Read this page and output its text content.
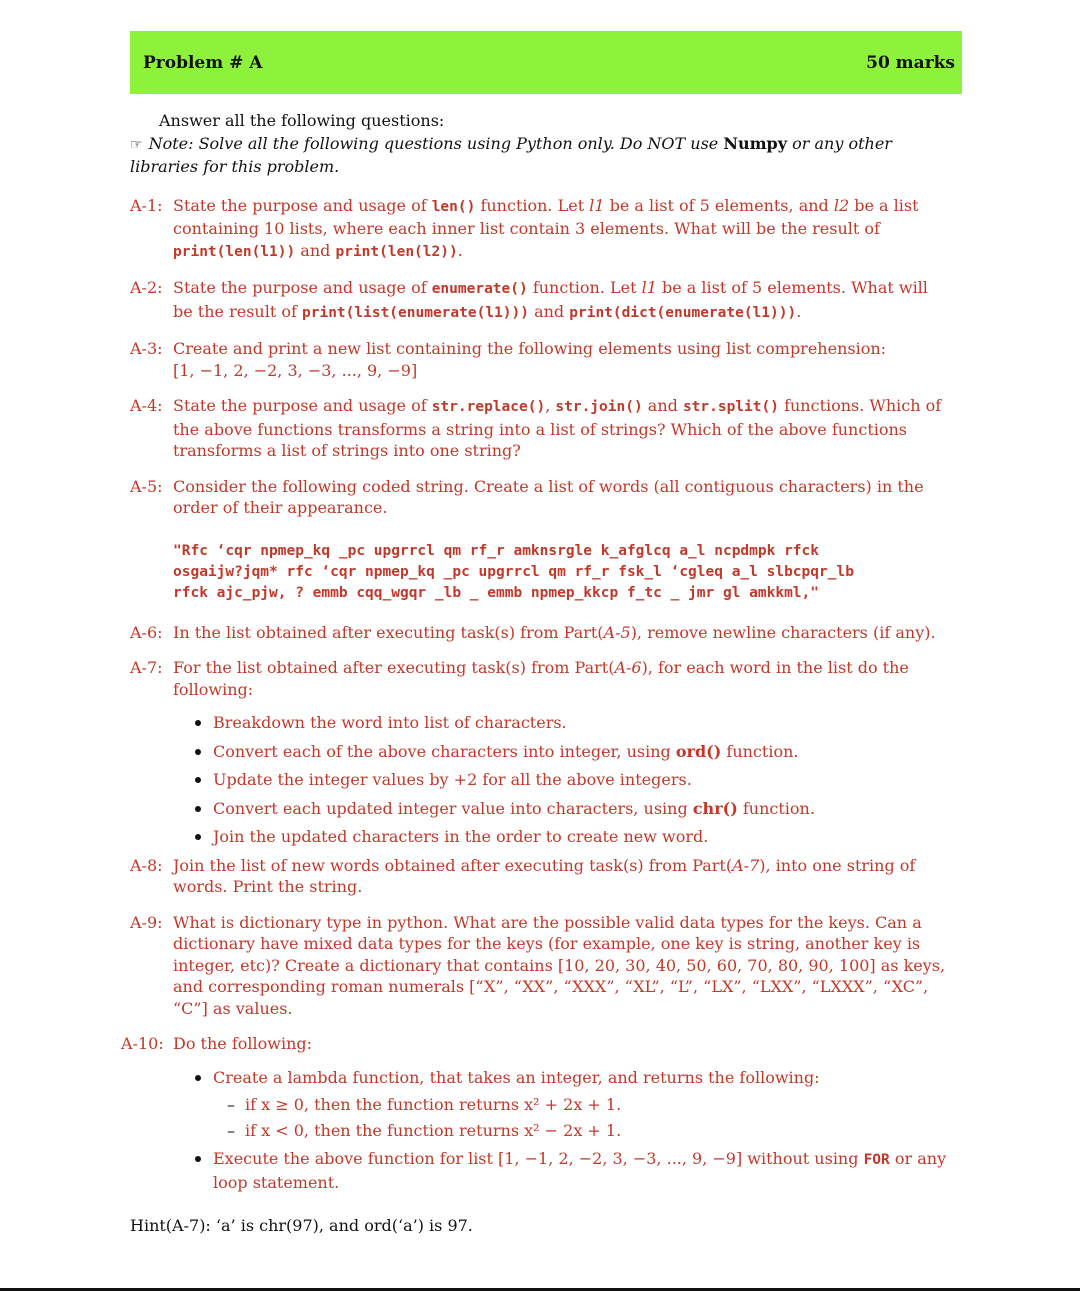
Problem # A	50 marks
Answer all the following questions:
☞ Note: Solve all the following questions using Python only. Do NOT use Numpy or any other libraries for this problem.
A-1: State the purpose and usage of len() function. Let l1 be a list of 5 elements, and l2 be a list containing 10 lists, where each inner list contain 3 elements. What will be the result of print(len(l1)) and print(len(l2)).
A-2: State the purpose and usage of enumerate() function. Let l1 be a list of 5 elements. What will be the result of print(list(enumerate(l1))) and print(dict(enumerate(l1))).
A-3: Create and print a new list containing the following elements using list comprehension:
[1, −1, 2, −2, 3, −3, ..., 9, −9]
A-4: State the purpose and usage of str.replace(), str.join() and str.split() functions. Which of the above functions transforms a string into a list of strings? Which of the above functions transforms a list of strings into one string?
A-5: Consider the following coded string. Create a list of words (all contiguous characters) in the order of their appearance.
"Rfc ‘cqr npmep_kq _pc upgrrcl qm rf_r amknsrgle k_afglcq a_l ncpdmpk rfck
osgaijw?jqm* rfc ‘cqr npmep_kq _pc upgrrcl qm rf_r fsk_l ‘cgleq a_l slbcpqr_lb
rfck ajc_pjw, ? emmb cqq_wgqr _lb _ emmb npmep_kkcp f_tc _ jmr gl amkkml,"
A-6: In the list obtained after executing task(s) from Part(A-5), remove newline characters (if any).
A-7: For the list obtained after executing task(s) from Part(A-6), for each word in the list do the following:
Breakdown the word into list of characters.
Convert each of the above characters into integer, using ord() function.
Update the integer values by +2 for all the above integers.
Convert each updated integer value into characters, using chr() function.
Join the updated characters in the order to create new word.
A-8: Join the list of new words obtained after executing task(s) from Part(A-7), into one string of words. Print the string.
A-9: What is dictionary type in python. What are the possible valid data types for the keys. Can a dictionary have mixed data types for the keys (for example, one key is string, another key is integer, etc)? Create a dictionary that contains [10, 20, 30, 40, 50, 60, 70, 80, 90, 100] as keys, and corresponding roman numerals [“X”, “XX”, “XXX”, “XL”, “L”, “LX”, “LXX”, “LXXX”, “XC”, “C”] as values.
A-10: Do the following:
Create a lambda function, that takes an integer, and returns the following:
– if x ≥ 0, then the function returns x² + 2x + 1.
– if x < 0, then the function returns x² − 2x + 1.
Execute the above function for list [1, −1, 2, −2, 3, −3, ..., 9, −9] without using FOR or any loop statement.
Hint(A-7): ‘a’ is chr(97), and ord(‘a’) is 97.
